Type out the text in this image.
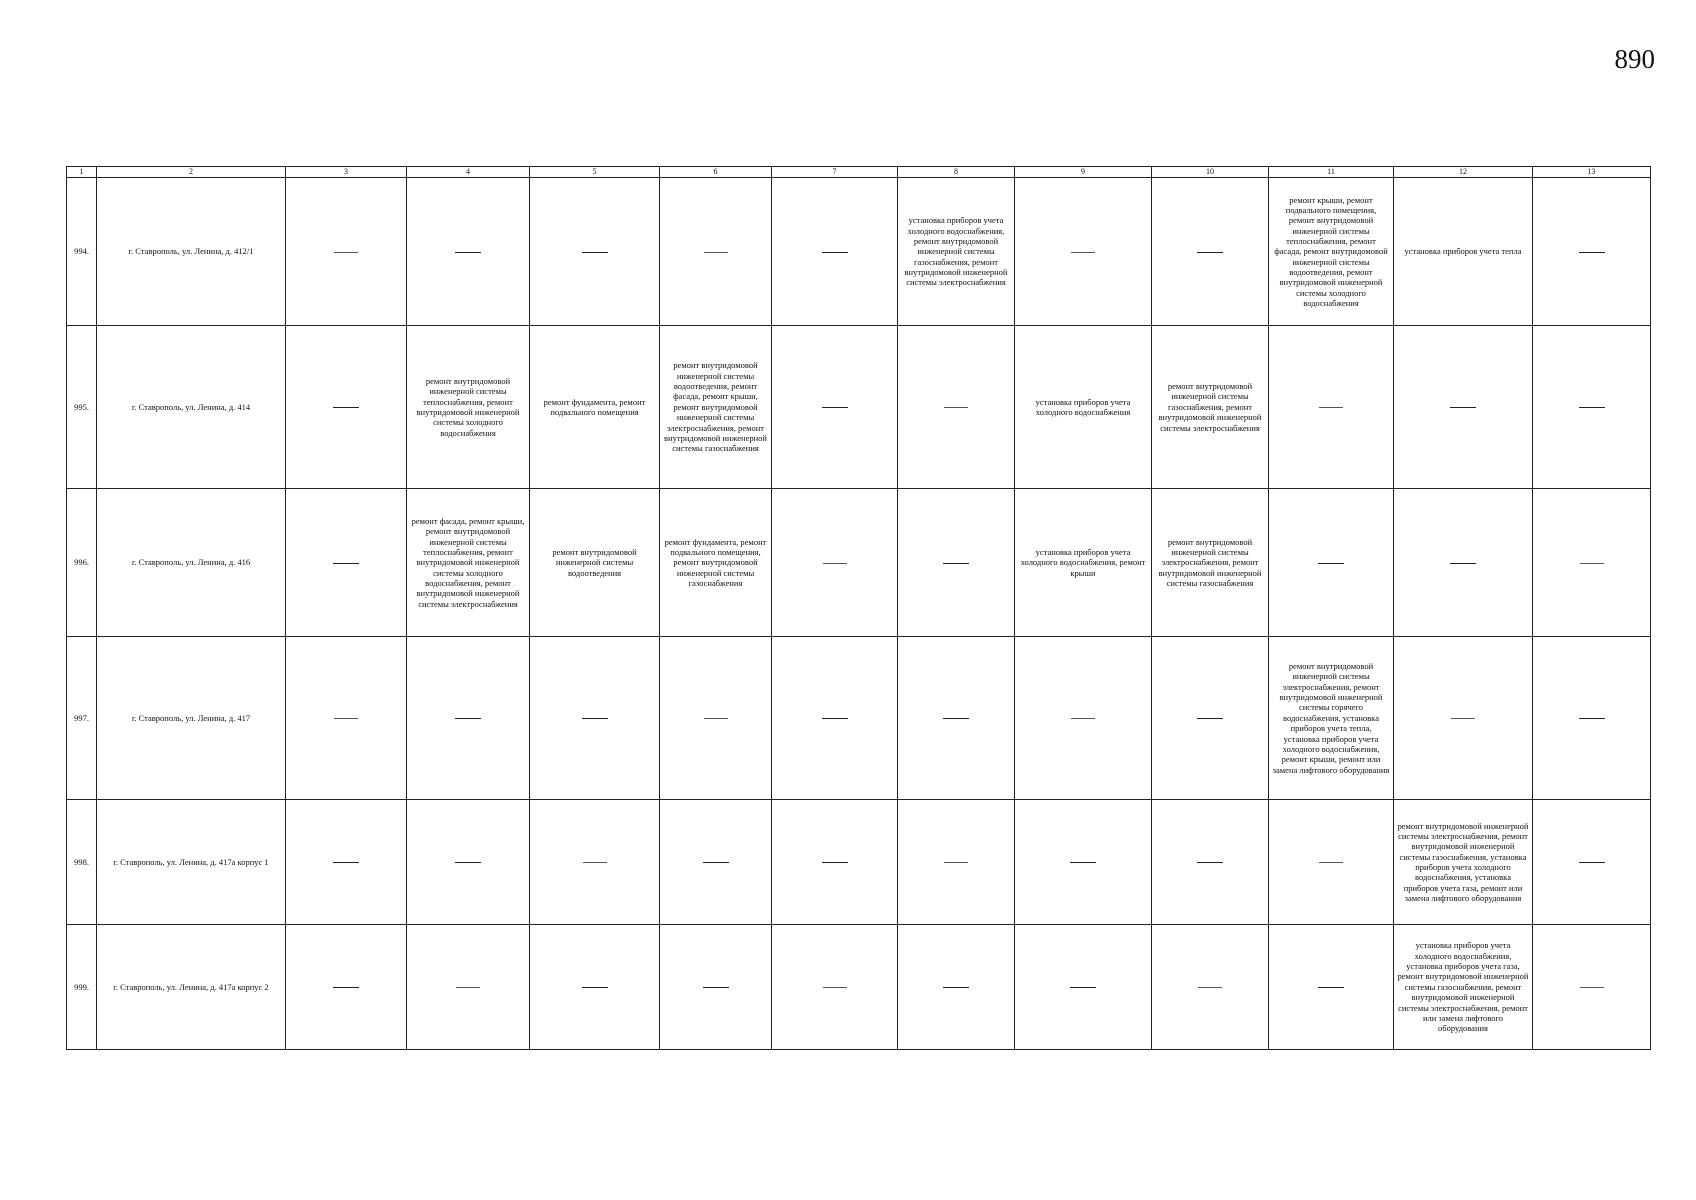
890
1	2	3	4	5	6	7	8	9	10	11	12	13
994.	г. Ставрополь, ул. Ленина, д. 412/1						установка приборов учета холодного водоснабжения, ремонт внутридомовой инженерной системы газоснабжения, ремонт внутридомовой инженерной системы электроснабжения			ремонт крыши, ремонт подвального помещения, ремонт внутридомовой инженерной системы теплоснабжения, ремонт фасада, ремонт внутридомовой инженерной системы водоотведения, ремонт внутридомовой инженерной системы холодного водоснабжения	установка приборов учета тепла	
995.	г. Ставрополь, ул. Ленина, д. 414		ремонт внутридомовой инженерной системы теплоснабжения, ремонт внутридомовой инженерной системы холодного водоснабжения	ремонт фундамента, ремонт подвального помещения	ремонт внутридомовой инженерной системы водоотведения, ремонт фасада, ремонт крыши, ремонт внутридомовой инженерной системы электроснабжения, ремонт внутридомовой инженерной системы газоснабжения			установка приборов учета холодного водоснабжения	ремонт внутридомовой инженерной системы газоснабжения, ремонт внутридомовой инженерной системы электроснабжения			
996.	г. Ставрополь, ул. Ленина, д. 416		ремонт фасада, ремонт крыши, ремонт внутридомовой инженерной системы теплоснабжения, ремонт внутридомовой инженерной системы холодного водоснабжения, ремонт внутридомовой инженерной системы электроснабжения	ремонт внутридомовой инженерной системы водоотведения	ремонт фундамента, ремонт подвального помещения, ремонт внутридомовой инженерной системы газоснабжения			установка приборов учета холодного водоснабжения, ремонт крыши	ремонт внутридомовой инженерной системы электроснабжения, ремонт внутридомовой инженерной системы газоснабжения			
997.	г. Ставрополь, ул. Ленина, д. 417									ремонт внутридомовой инженерной системы электроснабжения, ремонт внутридомовой инженерной системы горячего водоснабжения, установка приборов учета тепла, установка приборов учета холодного водоснабжения, ремонт крыши, ремонт или замена лифтового оборудования		
998.	г. Ставрополь, ул. Ленина, д. 417а корпус 1										ремонт внутридомовой инженерной системы электроснабжения, ремонт внутридомовой инженерной системы газоснабжения, установка приборов учета холодного водоснабжения, установка приборов учета газа, ремонт или замена лифтового оборудования	
999.	г. Ставрополь, ул. Ленина, д. 417а корпус 2										установка приборов учета холодного водоснабжения, установка приборов учета газа, ремонт внутридомовой инженерной системы газоснабжения, ремонт внутридомовой инженерной системы электроснабжения, ремонт или замена лифтового оборудования	
